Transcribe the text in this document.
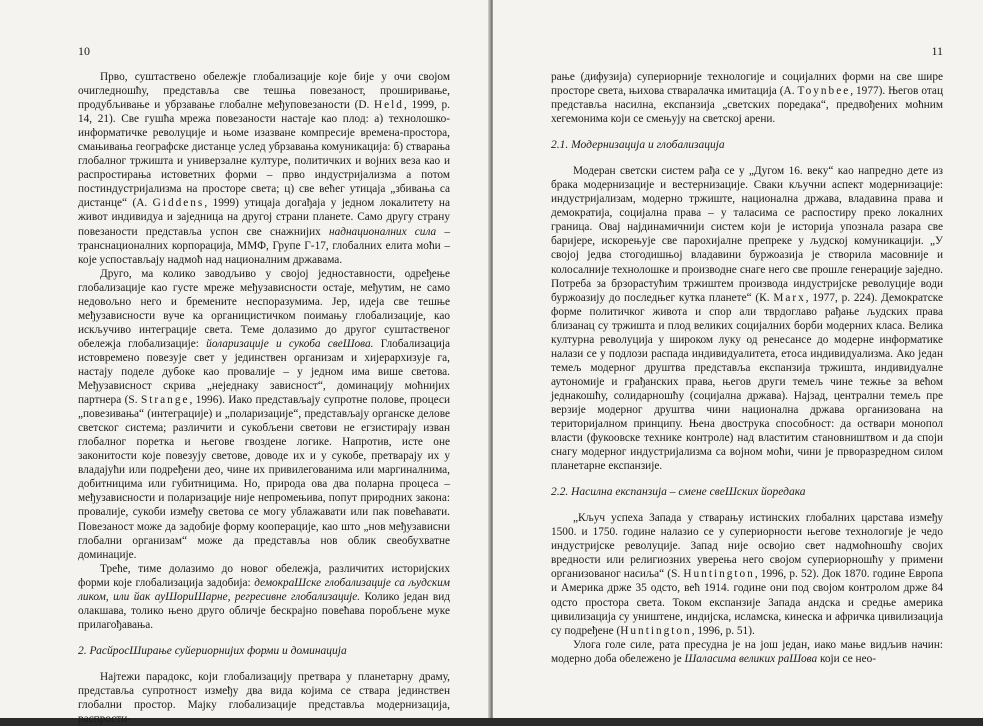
10

Прво, суштаствено обележје глобализације које бије у очи својом очигледношћу, представља све тешња повезаност, проширивање, продубљивање и убрзавање глобалне међуповезаности (D. Held, 1999, p. 14, 21). Све гушћа мрежа повезаности настаје као плод: а) технолошко-информатичке револуције и њоме изазване компресије времена-простора, смањивања географске дистанце услед убрзавања комуникација: б) стварања глобалног тржишта и универзалне културе, политичких и војних веза као и распростирања истоветних форми – прво индустријализма а потом постиндустријализма на просторе света; ц) све већег утицаја „збивања са дистанце“ (A. Giddens, 1999) утицаја догађаја у једном локалитету на живот индивидуа и заједница на другој страни планете. Само другу страну повезаности представља успон све снажнијих наднационалних сила – транснационалних корпорација, ММФ, Групе Г-17, глобалних елита моћи – које успостављају надмоћ над националним државама.

Друго, ма колико заводљиво у својој једноставности, одређење глобализације као густе мреже међузависности остаје, међутим, не само недовољно него и бремените неспоразумима. Јер, идеја све тешње међузависности вуче ка органицистичком поимању глобализације, као искључиво интеграције света. Теме долазимо до другог суштаственог обележја глобализације: йоларизације и сукоба свеШова. Глобализација истовремено повезује свет у јединствен организам и хијерархизује га, настају поделе дубоке као провалије – у једном има више светова. Међузависност скрива „неједнаку зависност“, доминацију моћнијих партнера (S. Strange, 1996). Иако представљају супротне полове, процеси „повезивања“ (интеграције) и „поларизације“, представљају органске делове светског система; различити и сукобљени светови не егзистирају изван глобалног поретка и његове гвоздене логике. Напротив, исте оне законитости које повезују светове, доводе их и у сукобе, претварају их у владајући или подређени део, чине их привилегованима или маргиналнима, добитницима или губитницима. Но, природа ова два поларна процеса – међузависности и поларизације није непромењива, попут природних закона: провалије, сукоби између светова се могу ублажавати или пак повећавати. Повезаност може да задобије форму кооперације, као што „нов међузависни глобални организам“ може да представља нов облик свеобухватне доминације.

Треће, тиме долазимо до новог обележја, различитих историјских форми које глобализација задобија: демокраШске глобализације са људским ликом, или йак ауШориШарне, регресивне глобализације. Колико један вид олакшава, толико њено друго обличје бескрајно повећава поробљене муке прилагођавања.

2. РасйросШирање суйериорнијих форми и доминација

Најтежи парадокс, који глобализацију претвара у планетарну драму, представља супротност између два вида којима се ствара јединствен глобални простор. Мајку глобализације представља модернизација, распрости-

11

рање (дифузија) супериорније технологије и социјалних форми на све шире просторе света, њихова стваралачка имитација (А. Toynbee, 1977). Његов отац представља насилна, експанзија „светских поредака“, предвођених моћним хегемонима који се смењују на светској арени.

2.1. Модернизација и глобализација

Модеран светски систем рађа се у „Дугом 16. веку“ као напредно дете из брака модернизације и вестернизације. Сваки кључни аспект модернизације: индустријализам, модерно тржиште, национална држава, владавина права и демократија, социјална права – у таласима се распостиру преко локалних граница. Овај најдинамичнији систем који је историја упознала разара све баријере, искорењује све парохијалне препреке у људској комуникацији. „У својој једва стогодишњој владавини буржоазија је створила масовније и колосалније технолошке и производне снаге него све прошле генерације заједно. Потреба за брзорастућим тржиштем производа индустријске револуције води буржоазију до последњег кутка планете“ (К. Marx, 1977, p. 224). Демократске форме политичког живота и спор али тврдоглаво рађање људских права близанац су тржишта и плод великих социјалних борби модерних класа. Велика културна револуција у широком луку од ренесансе до модерне информатике налази се у подлози распада индивидуалитета, етоса индивидуализма. Ако један темељ модерног друштва представља експанзија тржишта, индивидуалне аутономије и грађанских права, његов други темељ чине тежње за већом једнакошћу, солидарношћу (социјална држава). Најзад, централни темељ пре верзије модерног друштва чини национална држава организована на територијалном принципу. Њена двострука способност: да оствари монопол власти (фукоовске технике контроле) над властитим становништвом и да споји снагу модерног индустријализма са војном моћи, чини је прворазредном силом планетарне експанзије.

2.2. Насилна експанзија – смене свеШских йоредака

„Кључ успеха Запада у стварању истинских глобалних царстава између 1500. и 1750. године налазио се у супериорности његове технологије је чедо индустријске револуције. Запад није освојио свет надмоћношћу својих вредности или религиозних уверења него својом супериорношћу у примени организованог насиља“ (S. Huntington, 1996, p. 52). Док 1870. године Европа и Америка држе 35 одсто, већ 1914. године они под својом контролом држе 84 одсто простора света. Током експанзије Запада андска и средње америка цивилизација су уништене, индијска, исламска, кинеска и афричка цивилизација су подређене (Huntington, 1996, p. 51).

Улога голе силе, рата пресудна је на још један, иако мање видљив начин: модерно доба обележено је Шаласима великих раШова који се нео-
